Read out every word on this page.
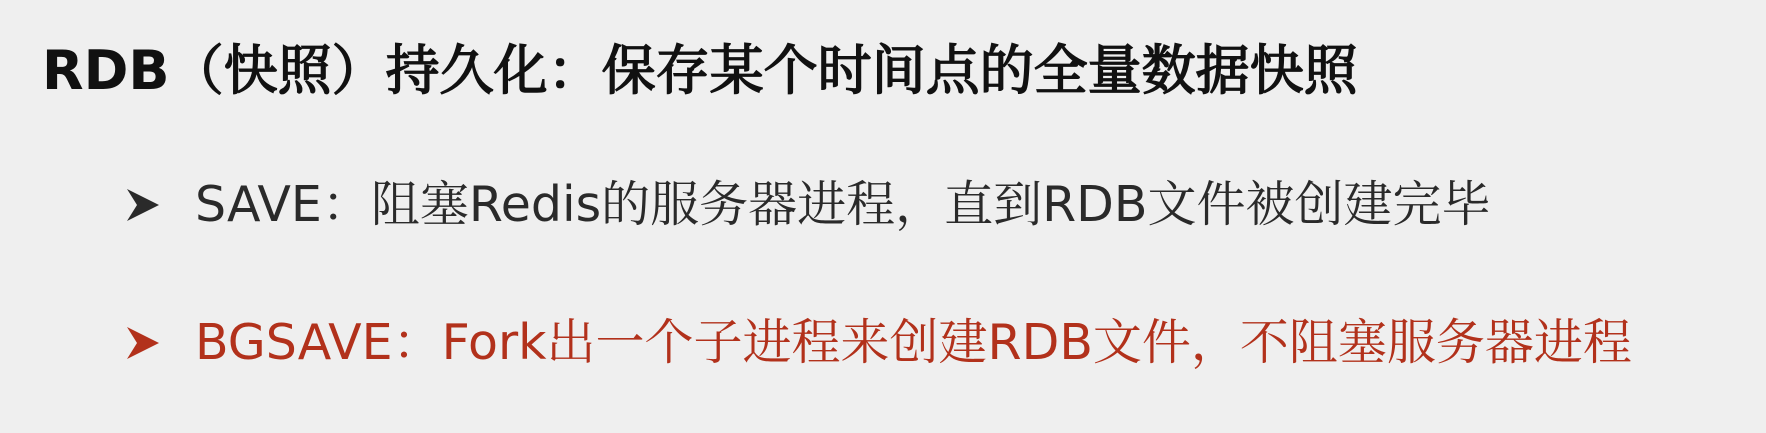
RDB（快照）持久化：保存某个时间点的全量数据快照
SAVE：阻塞Redis的服务器进程，直到RDB文件被创建完毕
BGSAVE：Fork出一个子进程来创建RDB文件，不阻塞服务器进程
